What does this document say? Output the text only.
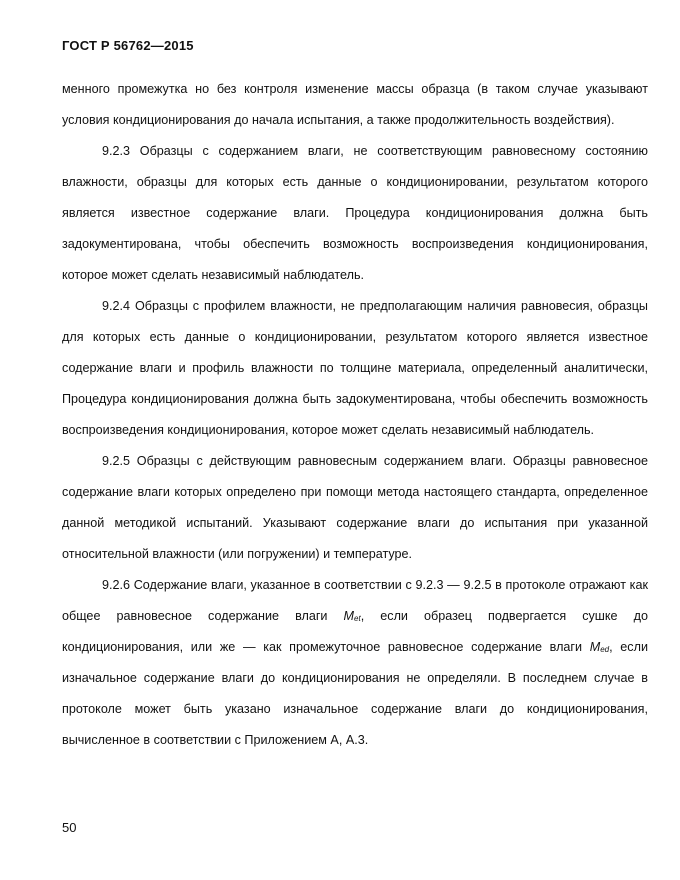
ГОСТ Р 56762—2015

менного промежутка но без контроля изменение массы образца (в таком случае указывают условия кондиционирования до начала испытания, а также продолжительность воздействия).

9.2.3 Образцы с содержанием влаги, не соответствующим равновесному состоянию влажности, образцы для которых есть данные о кондиционировании, результатом которого является известное содержание влаги. Процедура кондиционирования должна быть задокументирована, чтобы обеспечить возможность воспроизведения кондиционирования, которое может сделать независимый наблюдатель.

9.2.4 Образцы с профилем влажности, не предполагающим наличия равновесия, образцы для которых есть данные о кондиционировании, результатом которого является известное содержание влаги и профиль влажности по толщине материала, определенный аналитически, Процедура кондиционирования должна быть задокументирована, чтобы обеспечить возможность воспроизведения кондиционирования, которое может сделать независимый наблюдатель.

9.2.5 Образцы с действующим равновесным содержанием влаги. Образцы равновесное содержание влаги которых определено при помощи метода настоящего стандарта, определенное данной методикой испытаний. Указывают содержание влаги до испытания при указанной относительной влажности (или погружении) и температуре.

9.2.6 Содержание влаги, указанное в соответствии с 9.2.3 — 9.2.5 в протоколе отражают как общее равновесное содержание влаги $M_{et}$, если образец подвергается сушке до кондиционирования, или же — как промежуточное равновесное содержание влаги $M_{ed}$, если изначальное содержание влаги до кондиционирования не определяли. В последнем случае в протоколе может быть указано изначальное содержание влаги до кондиционирования, вычисленное в соответствии с Приложением А, А.3.

50
